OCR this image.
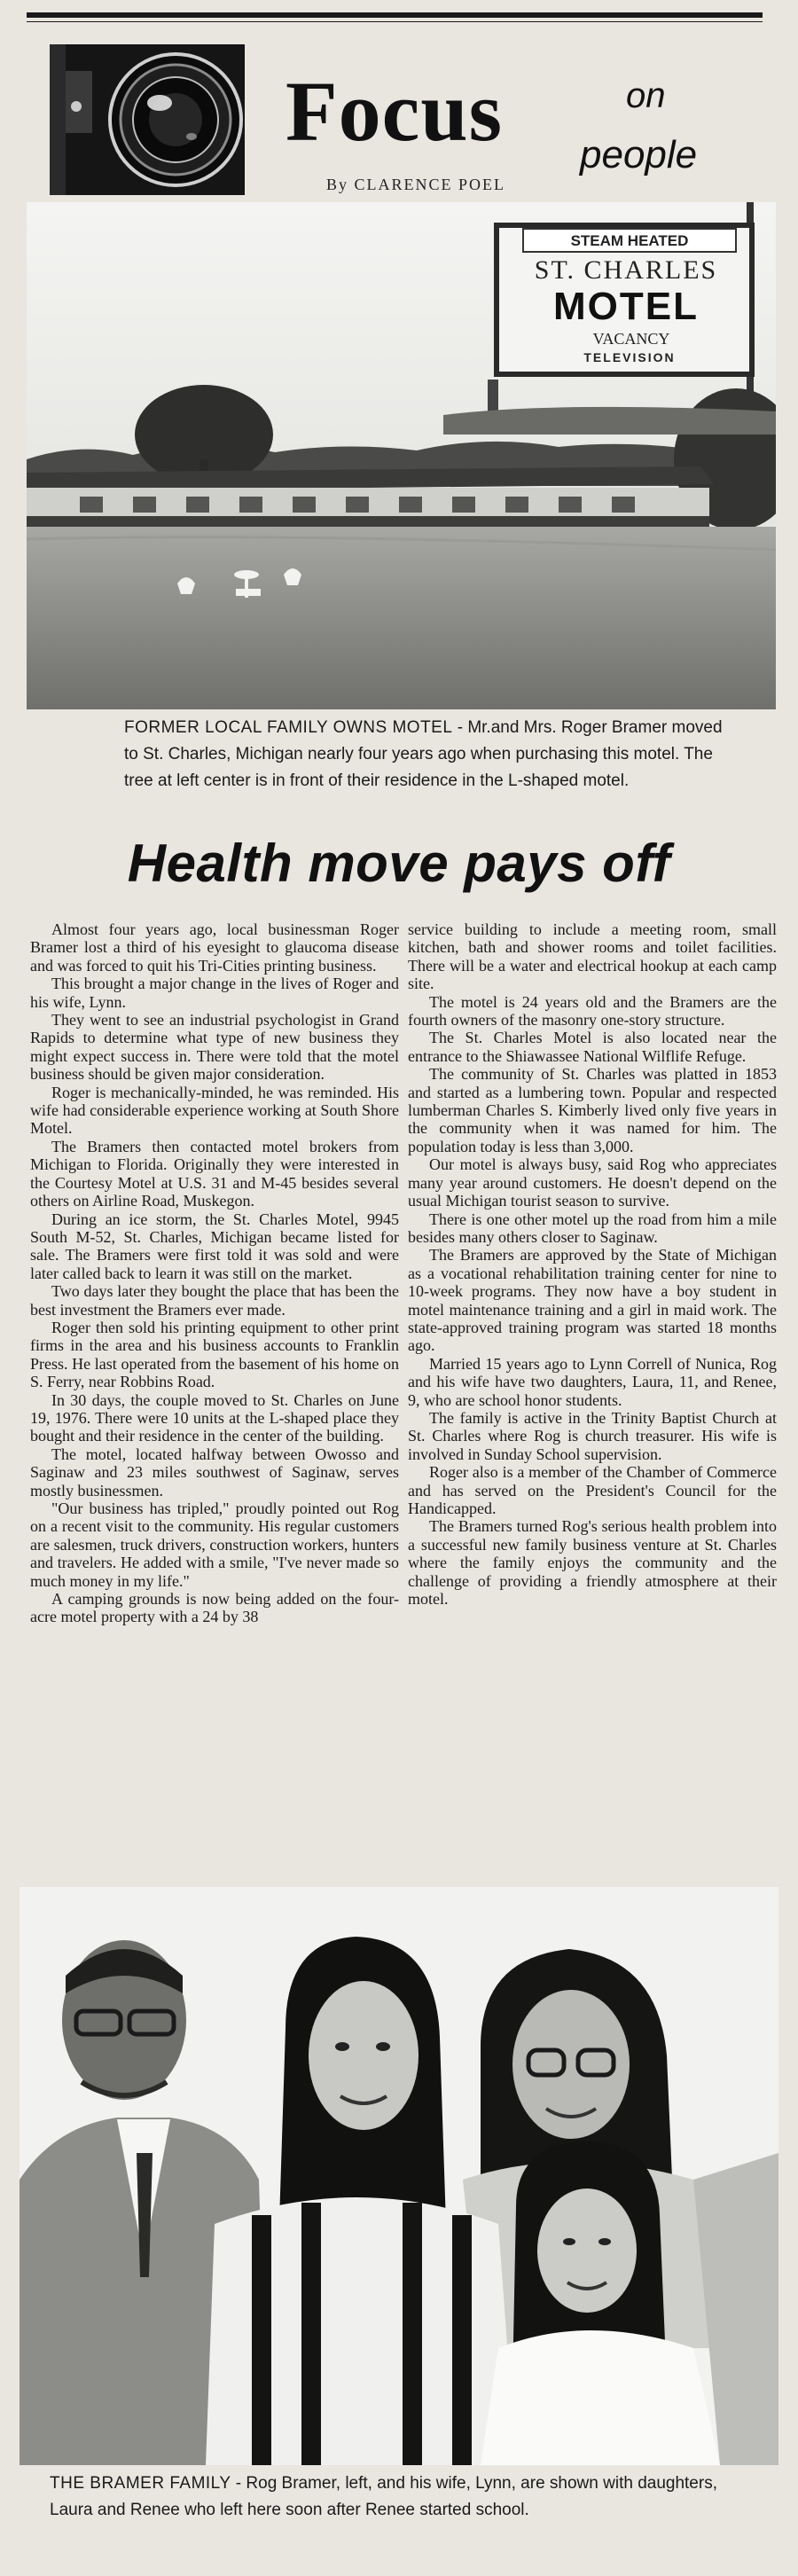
Focus	on
people
By CLARENCE POEL
STEAM HEATED
ST. CHARLES
MOTEL
VACANCY
TELEVISION
FORMER LOCAL FAMILY OWNS MOTEL - Mr.and Mrs. Roger Bramer moved to St. Charles, Michigan nearly four years ago when purchasing this motel. The tree at left center is in front of their residence in the L-shaped motel.
Health move pays off

Almost four years ago, local businessman Roger Bramer lost a third of his eyesight to glaucoma disease and was forced to quit his Tri-Cities printing business.

This brought a major change in the lives of Roger and his wife, Lynn.

They went to see an industrial psychologist in Grand Rapids to determine what type of new business they might expect success in. There were told that the motel business should be given major consideration.

Roger is mechanically-minded, he was reminded. His wife had considerable experience working at South Shore Motel.

The Bramers then contacted motel brokers from Michigan to Florida. Originally they were interested in the Courtesy Motel at U.S. 31 and M-45 besides several others on Airline Road, Muskegon.

During an ice storm, the St. Charles Motel, 9945 South M-52, St. Charles, Michigan became listed for sale. The Bramers were first told it was sold and were later called back to learn it was still on the market.

Two days later they bought the place that has been the best investment the Bramers ever made.

Roger then sold his printing equipment to other print firms in the area and his business accounts to Franklin Press. He last operated from the basement of his home on S. Ferry, near Robbins Road.

In 30 days, the couple moved to St. Charles on June 19, 1976. There were 10 units at the L-shaped place they bought and their residence in the center of the building.

The motel, located halfway between Owosso and Saginaw and 23 miles southwest of Saginaw, serves mostly businessmen.

"Our business has tripled," proudly pointed out Rog on a recent visit to the community. His regular customers are salesmen, truck drivers, construction workers, hunters and travelers. He added with a smile, "I've never made so much money in my life."

A camping grounds is now being added on the four-acre motel property with a 24 by 38

service building to include a meeting room, small kitchen, bath and shower rooms and toilet facilities. There will be a water and electrical hookup at each camp site.

The motel is 24 years old and the Bramers are the fourth owners of the masonry one-story structure.

The St. Charles Motel is also located near the entrance to the Shiawassee National Wilflife Refuge.

The community of St. Charles was platted in 1853 and started as a lumbering town. Popular and respected lumberman Charles S. Kimberly lived only five years in the community when it was named for him. The population today is less than 3,000.

Our motel is always busy, said Rog who appreciates many year around customers. He doesn't depend on the usual Michigan tourist season to survive.

There is one other motel up the road from him a mile besides many others closer to Saginaw.

The Bramers are approved by the State of Michigan as a vocational rehabilitation training center for nine to 10-week programs. They now have a boy student in motel maintenance training and a girl in maid work. The state-approved training program was started 18 months ago.

Married 15 years ago to Lynn Correll of Nunica, Rog and his wife have two daughters, Laura, 11, and Renee, 9, who are school honor students.

The family is active in the Trinity Baptist Church at St. Charles where Rog is church treasurer. His wife is involved in Sunday School supervision.

Roger also is a member of the Chamber of Commerce and has served on the President's Council for the Handicapped.

The Bramers turned Rog's serious health problem into a successful new family business venture at St. Charles where the family enjoys the community and the challenge of providing a friendly atmosphere at their motel.

THE BRAMER FAMILY - Rog Bramer, left, and his wife, Lynn, are shown with daughters, Laura and Renee who left here soon after Renee started school.
